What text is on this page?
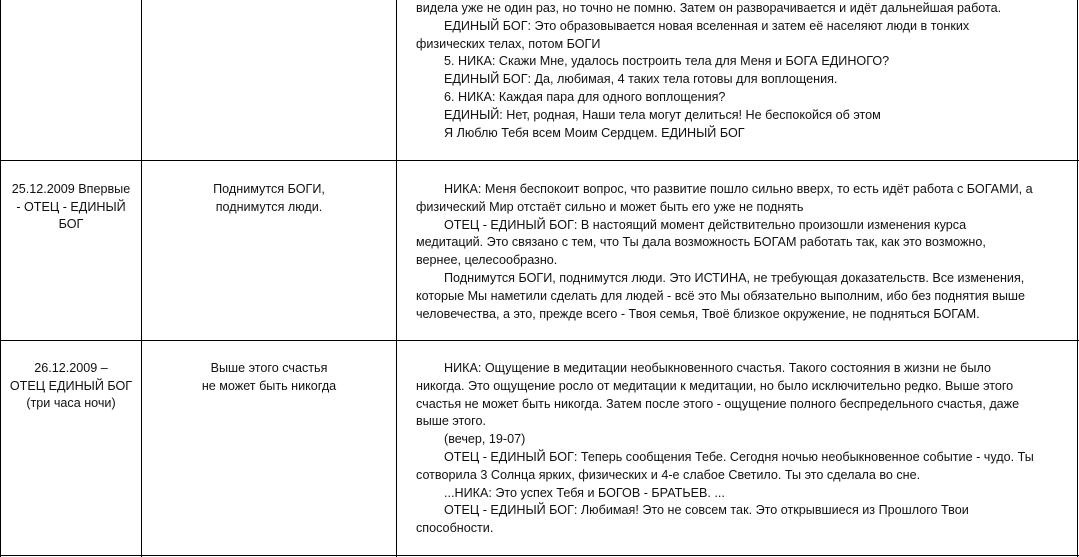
видела уже не один раз, но точно не помню. Затем он разворачивается и идёт дальнейшая работа.
ЕДИНЫЙ БОГ: Это образовывается новая вселенная и затем её населяют люди в тонких
физических телах, потом БОГИ
5. НИКА: Скажи Мне, удалось построить тела для Меня и БОГА ЕДИНОГО?
ЕДИНЫЙ БОГ: Да, любимая, 4 таких тела готовы для воплощения.
6. НИКА: Каждая пара для одного воплощения?
ЕДИНЫЙ: Нет, родная, Наши тела могут делиться! Не беспокойся об этом
Я Люблю Тебя всем Моим Сердцем. ЕДИНЫЙ БОГ
25.12.2009 Впервые
- ОТЕЦ - ЕДИНЫЙ
БОГ
Поднимутся БОГИ,
поднимутся люди.
НИКА: Меня беспокоит вопрос, что развитие пошло сильно вверх, то есть идёт работа с БОГАМИ, а
физический Мир отстаёт сильно и может быть его уже не поднять
ОТЕЦ - ЕДИНЫЙ БОГ: В настоящий момент действительно произошли изменения курса
медитаций. Это связано с тем, что Ты дала возможность БОГАМ работать так, как это возможно,
вернее, целесообразно.
Поднимутся БОГИ, поднимутся люди. Это ИСТИНА, не требующая доказательств. Все изменения,
которые Мы наметили сделать для людей - всё это Мы обязательно выполним, ибо без поднятия выше
человечества, а это, прежде всего - Твоя семья, Твоё близкое окружение, не подняться БОГАМ.
26.12.2009 –
ОТЕЦ ЕДИНЫЙ БОГ
(три часа ночи)
Выше этого счастья
не может быть никогда
НИКА: Ощущение в медитации необыкновенного счастья. Такого состояния в жизни не было
никогда. Это ощущение росло от медитации к медитации, но было исключительно редко. Выше этого
счастья не может быть никогда. Затем после этого - ощущение полного беспредельного счастья, даже
выше этого.
(вечер, 19-07)
ОТЕЦ - ЕДИНЫЙ БОГ: Теперь сообщения Тебе. Сегодня ночью необыкновенное событие - чудо. Ты
сотворила 3 Солнца ярких, физических и 4-е слабое Светило. Ты это сделала во сне.
...НИКА: Это успех Тебя и БОГОВ - БРАТЬЕВ. ...
ОТЕЦ - ЕДИНЫЙ БОГ: Любимая! Это не совсем так. Это открывшиеся из Прошлого Твои
способности.
